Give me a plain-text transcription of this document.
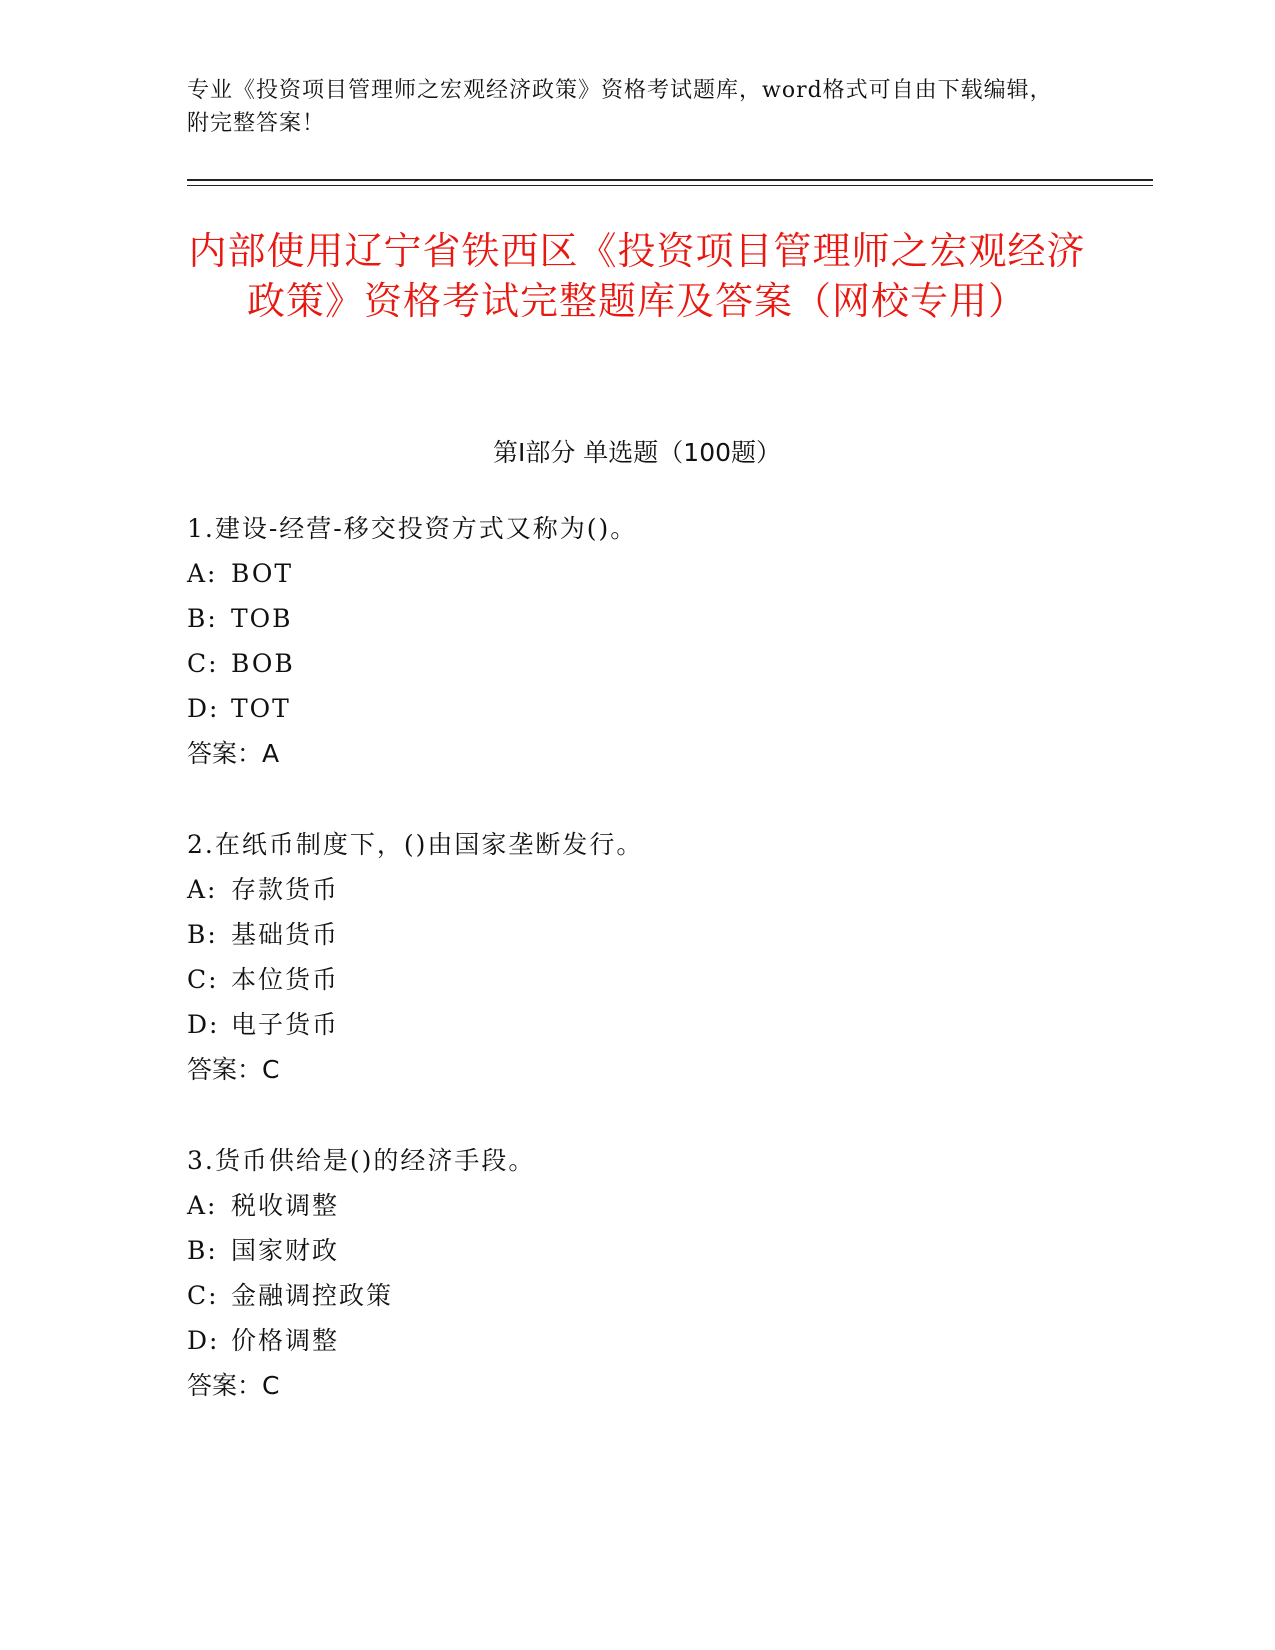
专业《投资项目管理师之宏观经济政策》资格考试题库，word格式可自由下载编辑，附完整答案！
内部使用辽宁省铁西区《投资项目管理师之宏观经济政策》资格考试完整题库及答案（网校专用）
第Ⅰ部分 单选题（100题）
1.建设-经营-移交投资方式又称为()。
A: BOT
B: TOB
C: BOB
D: TOT
答案：A
2.在纸币制度下，()由国家垄断发行。
A: 存款货币
B: 基础货币
C: 本位货币
D: 电子货币
答案：C
3.货币供给是()的经济手段。
A: 税收调整
B: 国家财政
C: 金融调控政策
D: 价格调整
答案：C
